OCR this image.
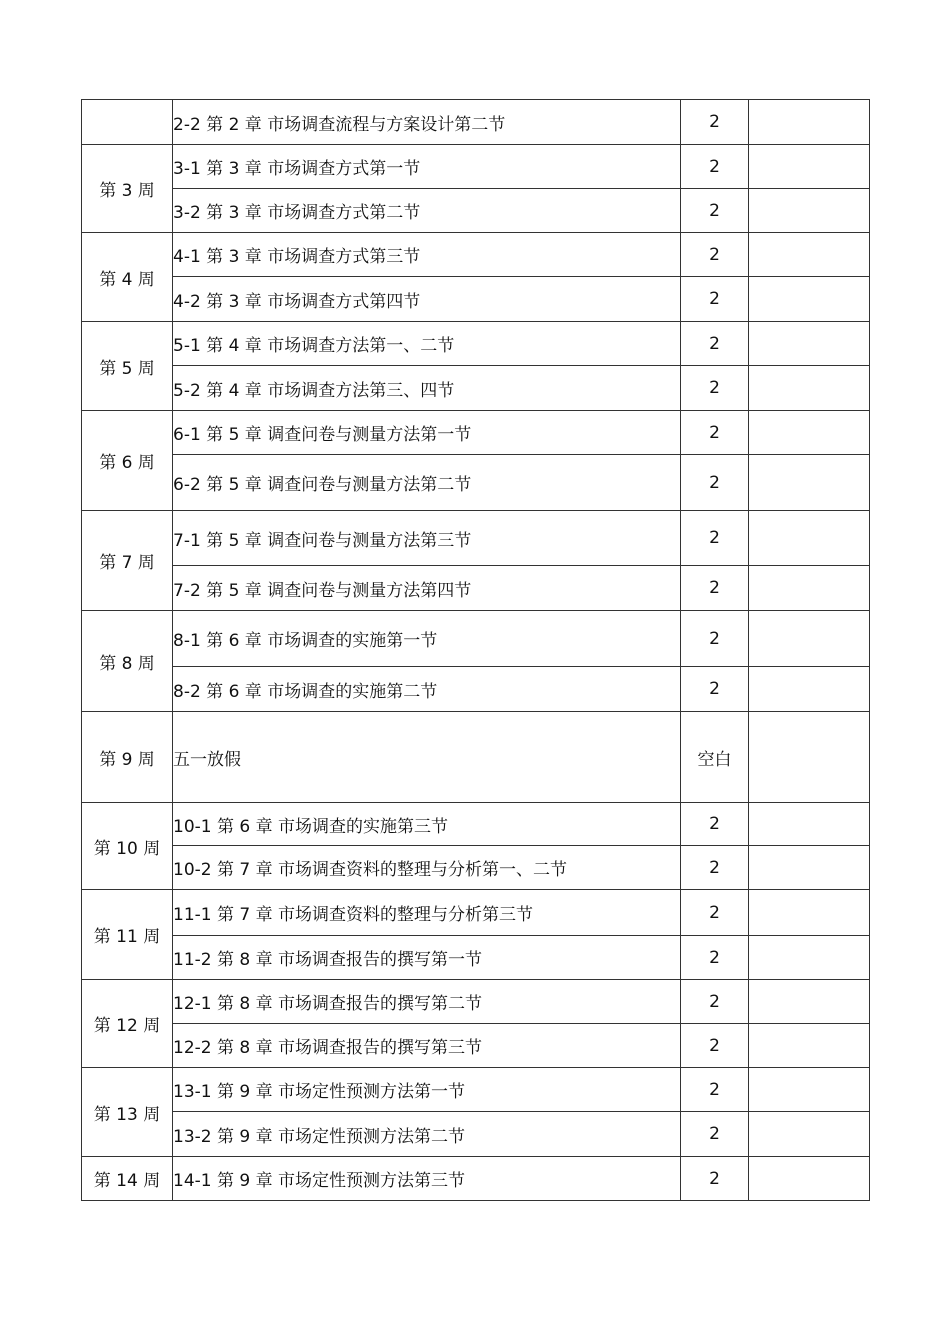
	2-2 第 2 章 市场调查流程与方案设计第二节	2	
第 3 周	3-1 第 3 章 市场调查方式第一节	2	
	3-2 第 3 章 市场调查方式第二节	2	
第 4 周	4-1 第 3 章 市场调查方式第三节	2	
	4-2 第 3 章 市场调查方式第四节	2	
第 5 周	5-1 第 4 章 市场调查方法第一、二节	2	
	5-2 第 4 章 市场调查方法第三、四节	2	
第 6 周	6-1 第 5 章 调查问卷与测量方法第一节	2	
	6-2 第 5 章 调查问卷与测量方法第二节	2	
第 7 周	7-1 第 5 章 调查问卷与测量方法第三节	2	
	7-2 第 5 章 调查问卷与测量方法第四节	2	
第 8 周	8-1 第 6 章 市场调查的实施第一节	2	
	8-2 第 6 章 市场调查的实施第二节	2	
第 9 周	五一放假	空白	
第 10 周	10-1 第 6 章 市场调查的实施第三节	2	
	10-2 第 7 章 市场调查资料的整理与分析第一、二节	2	
第 11 周	11-1 第 7 章 市场调查资料的整理与分析第三节	2	
	11-2 第 8 章 市场调查报告的撰写第一节	2	
第 12 周	12-1 第 8 章 市场调查报告的撰写第二节	2	
	12-2 第 8 章 市场调查报告的撰写第三节	2	
第 13 周	13-1 第 9 章 市场定性预测方法第一节	2	
	13-2 第 9 章 市场定性预测方法第二节	2	
第 14 周	14-1 第 9 章 市场定性预测方法第三节	2	
